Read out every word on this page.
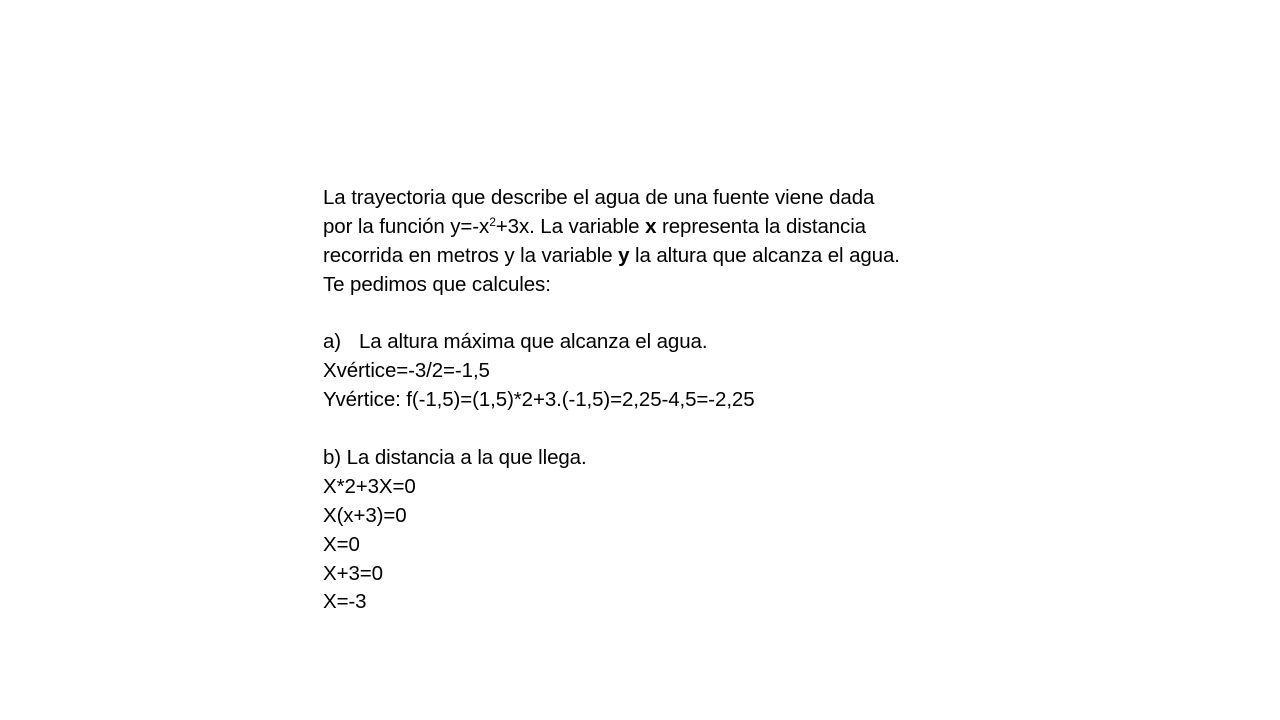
La trayectoria que describe el agua de una fuente viene dada
por la función $y=-x^2+3x$. La variable x representa la distancia
recorrida en metros y la variable y la altura que alcanza el agua.
Te pedimos que calcules:
a) La altura máxima que alcanza el agua.
Xvértice=-3/2=-1,5
Yvértice: f(-1,5)=(1,5)*2+3.(-1,5)=2,25-4,5=-2,25
b) La distancia a la que llega.
X*2+3X=0
X(x+3)=0
X=0
X+3=0
X=-3
